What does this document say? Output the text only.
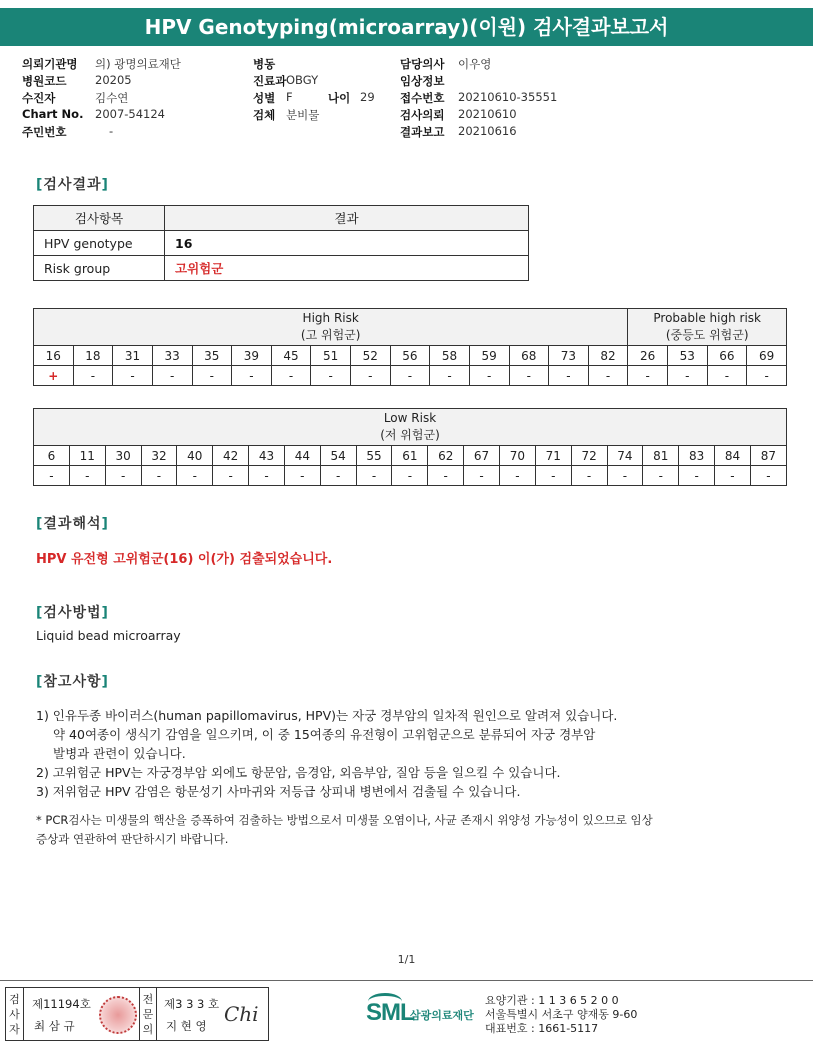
HPV Genotyping(microarray)(이원) 검사결과보고서
의뢰기관명 의) 광명의료재단	병동	담당의사 이우영
병원코드 20205	진료과 OBGY	임상정보
수진자	김수연	성별 F	나이 29 접수번호 20210610-35551
Chart No. 2007-54124	검체 분비물	검사의뢰 20210610
주민번호	-	결과보고 20210616
[검사결과]
검사항목	결과
HPV genotype	16
Risk group	고위험군
High Risk
(고 위험군)															Probable high risk
(중등도 위험군)			
16	18	31	33	35	39	45	51	52	56	58	59	68	73	82	26	53	66	69
+	-	-	-	-	-	-	-	-	-	-	-	-	-	-	-	-	-	-
Low Risk
(저 위험군)																				
6	11	30	32	40	42	43	44	54	55	61	62	67	70	71	72	74	81	83	84	87
-	-	-	-	-	-	-	-	-	-	-	-	-	-	-	-	-	-	-	-	-
[결과해석]
HPV 유전형 고위험군(16) 이(가) 검출되었습니다.
[검사방법]
Liquid bead microarray
[참고사항]
1) 인유두종 바이러스(human papillomavirus, HPV)는 자궁 경부암의 일차적 원인으로 알려져 있습니다.
약 40여종이 생식기 감염을 일으키며, 이 중 15여종의 유전형이 고위험군으로 분류되어 자궁 경부암
발병과 관련이 있습니다.
2) 고위험군 HPV는 자궁경부암 외에도 항문암, 음경암, 외음부암, 질암 등을 일으킬 수 있습니다.
3) 저위험군 HPV 감염은 항문성기 사마귀와 저등급 상피내 병변에서 검출될 수 있습니다.
* PCR검사는 미생물의 핵산을 증폭하여 검출하는 방법으로서 미생물 오염이나, 사균 존재시 위양성 가능성이 있으므로 임상
증상과 연관하여 판단하시기 바랍니다.
1/1
검사자
제11194호
최 삼 규
전문의
제3 3 3 호
지 현 영 Chi	SML
삼광의료재단
요양기관 : 1 1 3 6 5 2 0 0
서울특별시 서초구 양재동 9-60
대표번호 : 1661-5117
